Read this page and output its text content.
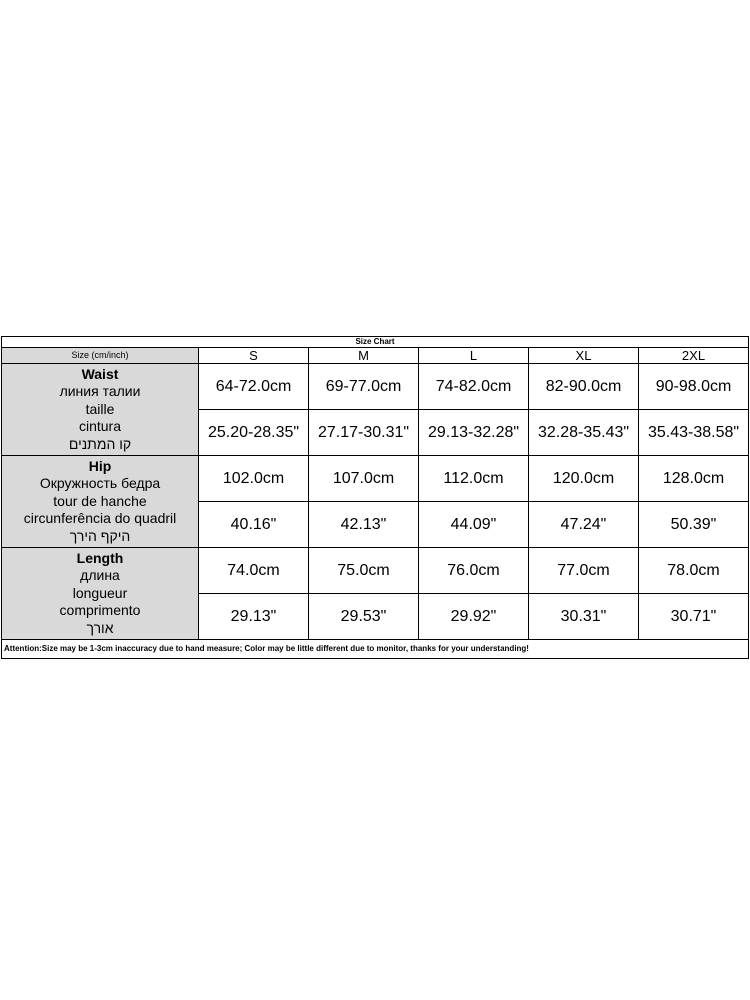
Size Chart					
Size (cm/inch)	S	M	L	XL	2XL

Waist
линия талии
taille
cintura
קו המתנים	64-72.0cm	69-77.0cm	74-82.0cm	82-90.0cm	90-98.0cm
	25.20-28.35"	27.17-30.31"	29.13-32.28"	32.28-35.43"	35.43-38.58"

Hip
Окружность бедра
tour de hanche
circunferência do quadril
היקף הירך	102.0cm	107.0cm	112.0cm	120.0cm	128.0cm
	40.16"	42.13"	44.09"	47.24"	50.39"

Length
длина
longueur
comprimento
אורך	74.0cm	75.0cm	76.0cm	77.0cm	78.0cm
	29.13"	29.53"	29.92"	30.31"	30.71"
Attention:Size may be 1-3cm inaccuracy due to hand measure; Color may be little different due to monitor, thanks for your understanding!					
